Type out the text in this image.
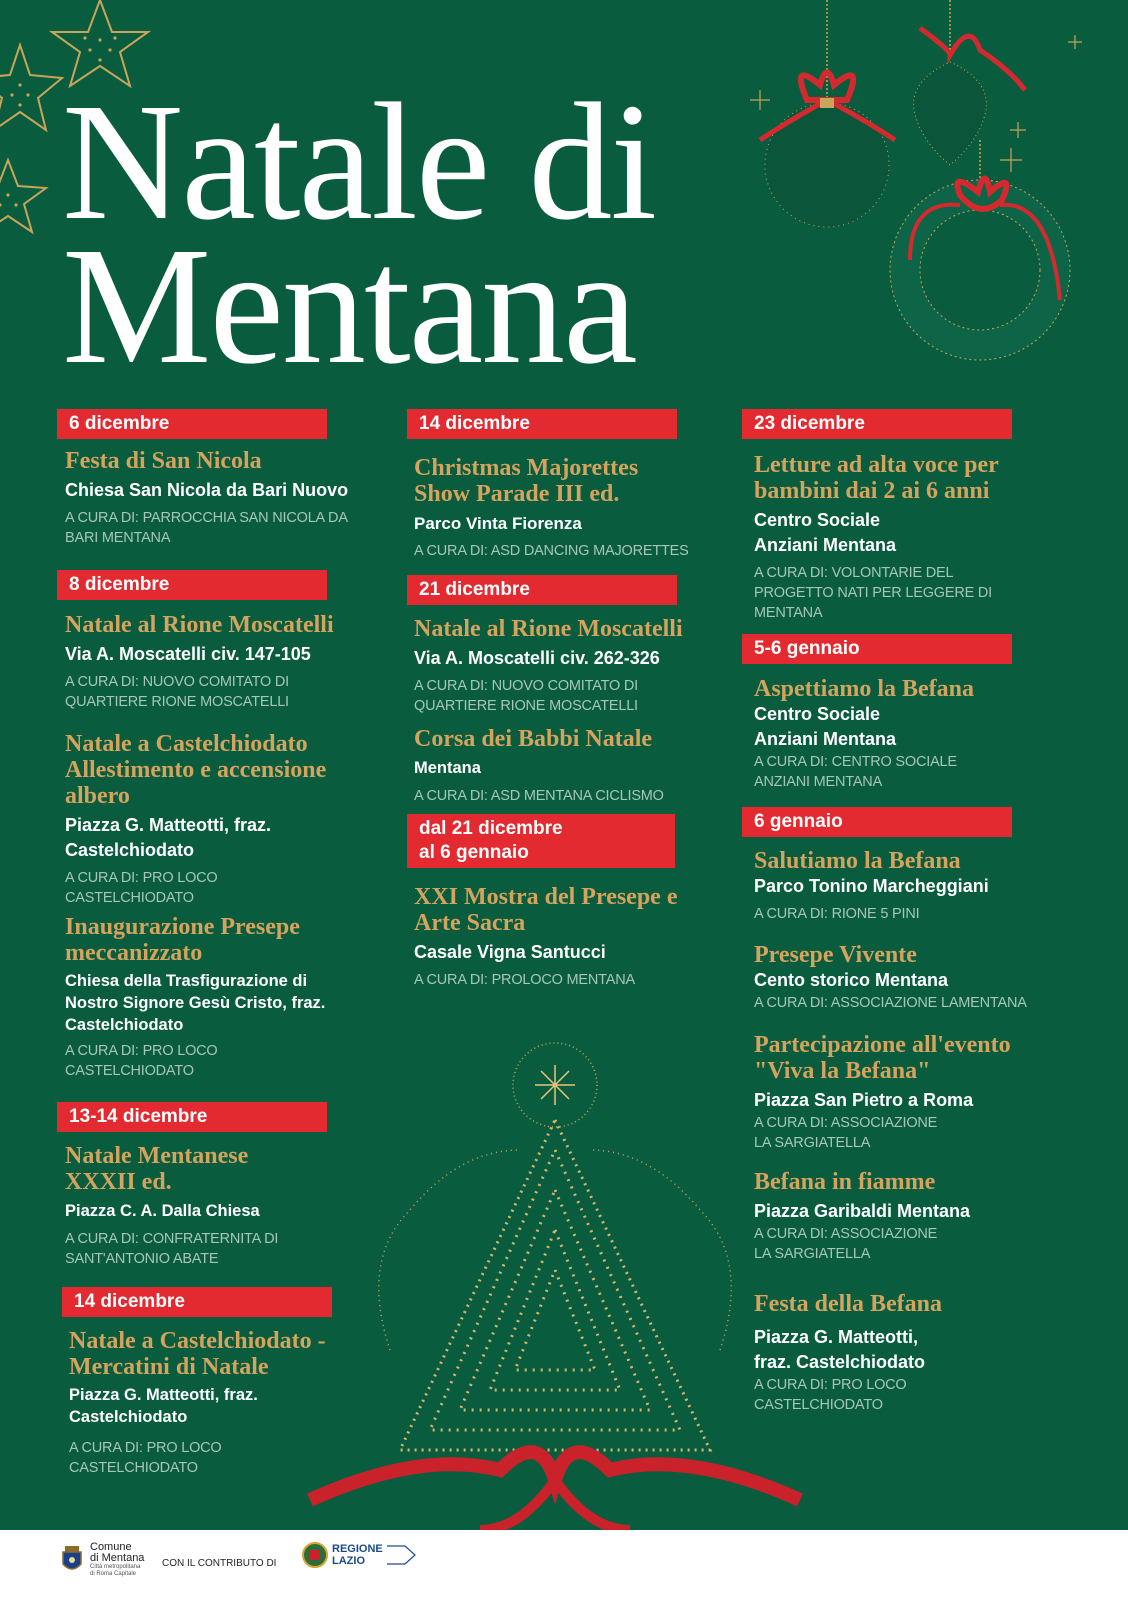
Natale di
Mentana
6 dicembre
Festa di San Nicola
Chiesa San Nicola da Bari Nuovo
A CURA DI: PARROCCHIA SAN NICOLA DA BARI MENTANA
8 dicembre
Natale al Rione Moscatelli
Via A. Moscatelli civ. 147-105
A CURA DI: NUOVO COMITATO DI QUARTIERE RIONE MOSCATELLI
Natale a Castelchiodato Allestimento e accensione albero
Piazza G. Matteotti, fraz. Castelchiodato
A CURA DI: PRO LOCO CASTELCHIODATO
Inaugurazione Presepe meccanizzato
Chiesa della Trasfigurazione di Nostro Signore Gesù Cristo, fraz. Castelchiodato
A CURA DI: PRO LOCO CASTELCHIODATO
13-14 dicembre
Natale Mentanese XXXII ed.
Piazza C. A. Dalla Chiesa
A CURA DI: CONFRATERNITA DI SANT'ANTONIO ABATE
14 dicembre
Natale a Castelchiodato - Mercatini di Natale
Piazza G. Matteotti, fraz. Castelchiodato
A CURA DI: PRO LOCO CASTELCHIODATO
14 dicembre
Christmas Majorettes Show Parade III ed.
Parco Vinta Fiorenza
A CURA DI: ASD DANCING MAJORETTES
21 dicembre
Natale al Rione Moscatelli
Via A. Moscatelli civ. 262-326
A CURA DI: NUOVO COMITATO DI QUARTIERE RIONE MOSCATELLI
Corsa dei Babbi Natale
Mentana
A CURA DI: ASD MENTANA CICLISMO
dal 21 dicembre
al 6 gennaio
XXI Mostra del Presepe e Arte Sacra
Casale Vigna Santucci
A CURA DI: PROLOCO MENTANA
23 dicembre
Letture ad alta voce per bambini dai 2 ai 6 anni
Centro Sociale Anziani Mentana
A CURA DI: VOLONTARIE DEL PROGETTO NATI PER LEGGERE DI MENTANA
5-6 gennaio
Aspettiamo la Befana
Centro Sociale Anziani Mentana
A CURA DI: CENTRO SOCIALE ANZIANI MENTANA
6 gennaio
Salutiamo la Befana
Parco Tonino Marcheggiani
A CURA DI: RIONE 5 PINI
Presepe Vivente
Cento storico Mentana
A CURA DI: ASSOCIAZIONE LAMENTANA
Partecipazione all'evento "Viva la Befana"
Piazza San Pietro a Roma
A CURA DI: ASSOCIAZIONE LA SARGIATELLA
Befana in fiamme
Piazza Garibaldi Mentana
A CURA DI: ASSOCIAZIONE LA SARGIATELLA
Festa della Befana
Piazza G. Matteotti, fraz. Castelchiodato
A CURA DI: PRO LOCO CASTELCHIODATO
Comune
di Mentana
Città metropolitana
di Roma Capitale
CON IL CONTRIBUTO DI
REGIONE
LAZIO
